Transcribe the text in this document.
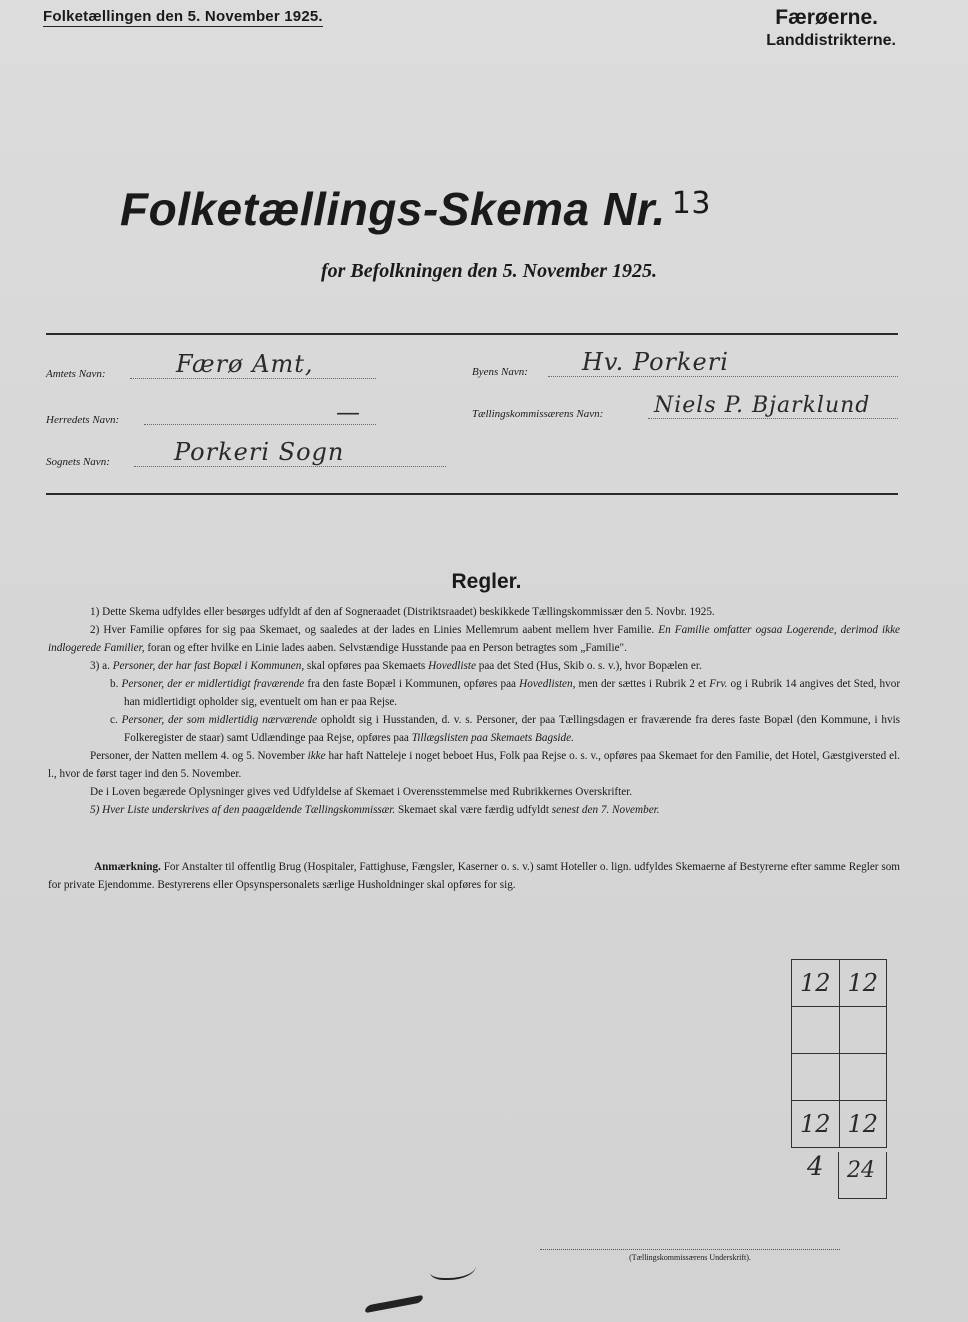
Folketællingen den 5. November 1925.	Færøerne.
Landdistrikterne.
Folketællings-Skema Nr. $^{13}$
for Befolkningen den 5. November 1925.
Amtets Navn:	Færø Amt,
Herredets Navn:	—
Sognets Navn:	Porkeri Sogn
Byens Navn: Hv. Porkeri
Tællingskommissærens Navn: Niels P. Bjarklund
Regler.

1) Dette Skema udfyldes eller besørges udfyldt af den af Sogneraadet (Distriktsraadet) beskikkede Tællingskommissær den 5. Novbr. 1925.

2) Hver Familie opføres for sig paa Skemaet, og saaledes at der lades en Linies Mellemrum aabent mellem hver Familie. En Familie omfatter ogsaa Logerende, derimod ikke indlogerede Familier, foran og efter hvilke en Linie lades aaben. Selvstændige Husstande paa en Person betragtes som „Familie".

3) a. Personer, der har fast Bopæl i Kommunen, skal opføres paa Skemaets Hovedliste paa det Sted (Hus, Skib o. s. v.), hvor Bopælen er.

b. Personer, der er midlertidigt fraværende fra den faste Bopæl i Kommunen, opføres paa Hovedlisten, men der sættes i Rubrik 2 et Frv. og i Rubrik 14 angives det Sted, hvor han midlertidigt opholder sig, eventuelt om han er paa Rejse.

c. Personer, der som midlertidig nærværende opholdt sig i Husstanden, d. v. s. Personer, der paa Tællingsdagen er fraværende fra deres faste Bopæl (den Kommune, i hvis Folkeregister de staar) samt Udlændinge paa Rejse, opføres paa Tillægslisten paa Skemaets Bagside.

Personer, der Natten mellem 4. og 5. November ikke har haft Natteleje i noget beboet Hus, Folk paa Rejse o. s. v., opføres paa Skemaet for den Familie, det Hotel, Gæstgiversted el. l., hvor de først tager ind den 5. November.

De i Loven begærede Oplysninger gives ved Udfyldelse af Skemaet i Overensstemmelse med Rubrikkernes Overskrifter.

5) Hver Liste underskrives af den paagældende Tællingskommissær. Skemaet skal være færdig udfyldt senest den 7. November.

Anmærkning. For Anstalter til offentlig Brug (Hospitaler, Fattighuse, Fængsler, Kaserner o. s. v.) samt Hoteller o. lign. udfyldes Skemaerne af Bestyrerne efter samme Regler som for private Ejendomme. Bestyrerens eller Opsynspersonalets særlige Husholdninger skal opføres for sig.

12	12

12	12
4 24
(Tællingskommissærens Underskrift).
